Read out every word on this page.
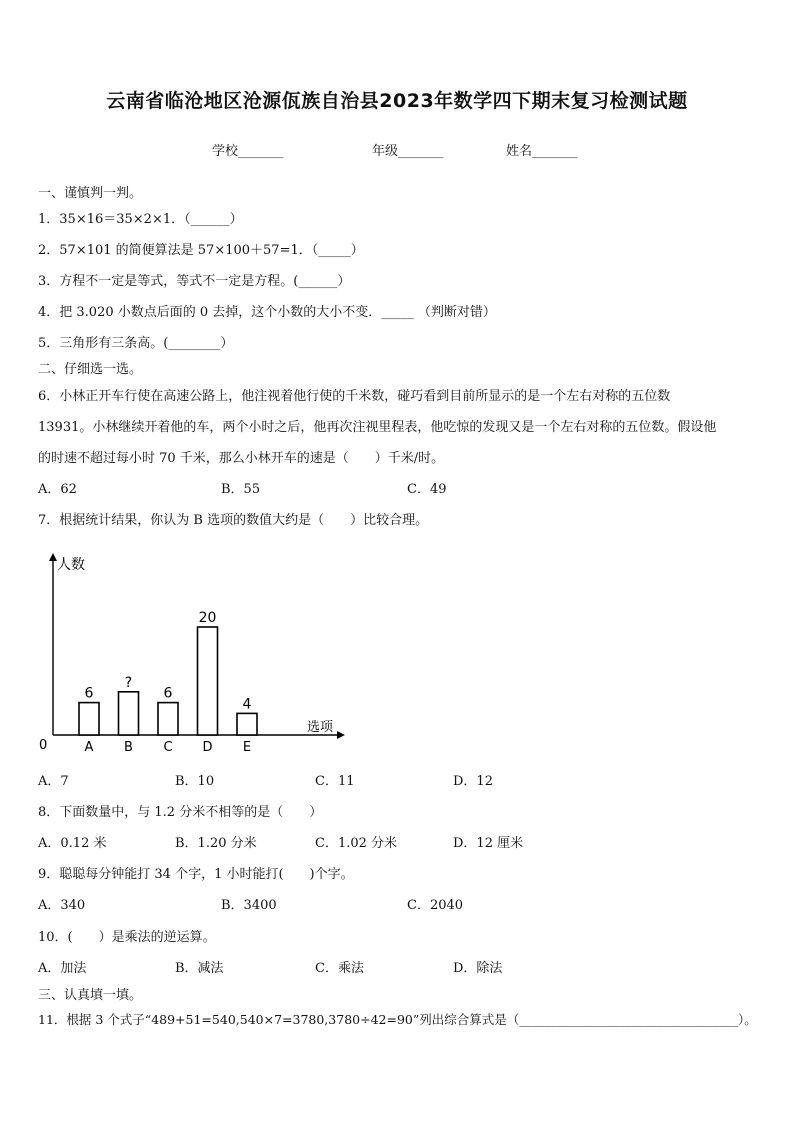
云南省临沧地区沧源佤族自治县2023年数学四下期末复习检测试题
学校_______	年级_______	姓名_______
一、谨慎判一判。
1．35×16＝35×2×1．（______）
2．57×101 的简便算法是 57×100＋57=1．（_____）
3．方程不一定是等式，等式不一定是方程。(______）
4．把 3.020 小数点后面的 0 去掉，这个小数的大小不变．_____ （判断对错）
5．三角形有三条高。(________）
二、仔细选一选。
6．小林正开车行使在高速公路上，他注视着他行使的千米数，碰巧看到目前所显示的是一个左右对称的五位数
13931。小林继续开着他的车，两个小时之后，他再次注视里程表，他吃惊的发现又是一个左右对称的五位数。假设他
的时速不超过每小时 70 千米，那么小林开车的速是（　　）千米/时。
A．62	B．55	C．49
7．根据统计结果，你认为 B 选项的数值大约是（　　）比较合理。
人数
选项
0
6
A
?
B
6
C
20
D
4
E
A．7	B．10	C．11	D．12
8．下面数量中，与 1.2 分米不相等的是（　　）
A．0.12 米	B．1.20 分米	C．1.02 分米	D．12 厘米
9．聪聪每分钟能打 34 个字，1 小时能打(　　)个字。
A．340	B．3400	C．2040
10．(　　）是乘法的逆运算。
A．加法	B．减法	C．乘法	D．除法
三、认真填一填。
11．根据 3 个式子“489+51=540,540×7=3780,3780÷42=90”列出综合算式是（___________________________________）。
